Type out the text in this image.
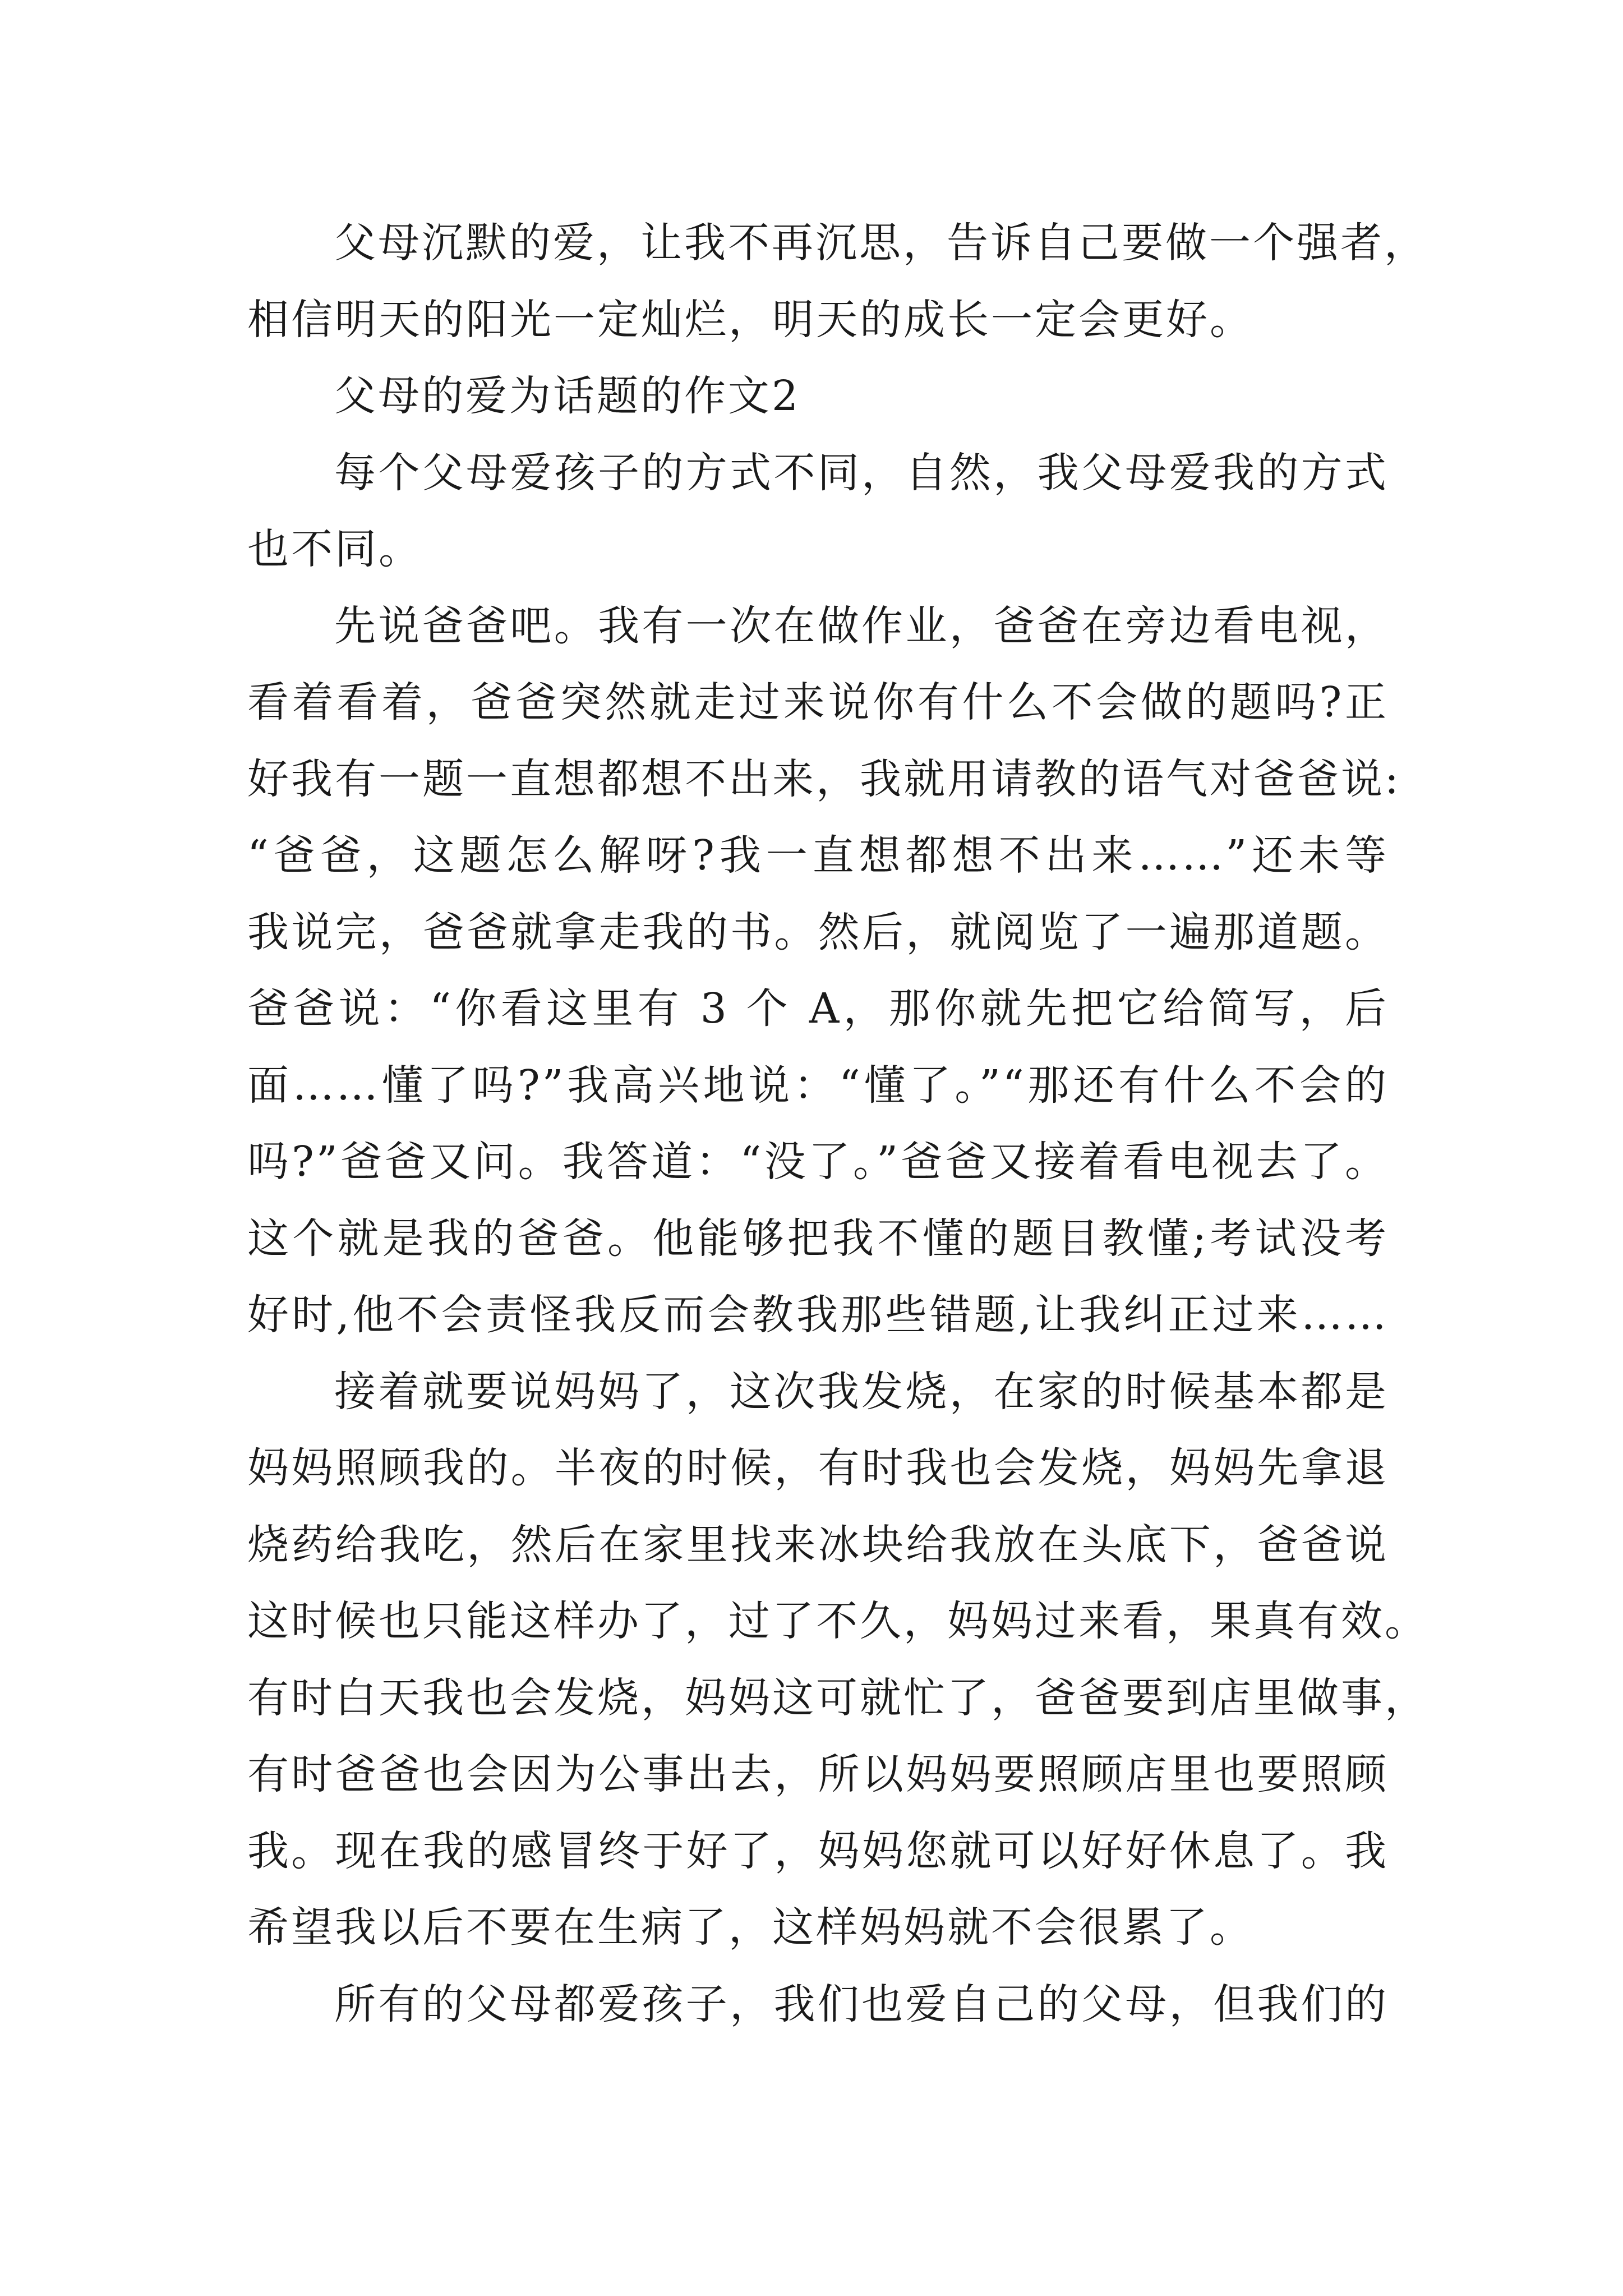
父母沉默的爱，让我不再沉思，告诉自己要做一个强者，
相信明天的阳光一定灿烂，明天的成长一定会更好。
父母的爱为话题的作文2
每个父母爱孩子的方式不同，自然，我父母爱我的方式
也不同。
先说爸爸吧。我有一次在做作业，爸爸在旁边看电视，
看着看着，爸爸突然就走过来说你有什么不会做的题吗?正
好我有一题一直想都想不出来，我就用请教的语气对爸爸说:
“爸爸，这题怎么解呀?我一直想都想不出来……”还未等
我说完，爸爸就拿走我的书。然后，就阅览了一遍那道题。
爸爸说：“你看这里有 3 个 A，那你就先把它给简写，后
面……懂了吗?”我高兴地说：“懂了。”“那还有什么不会的
吗?”爸爸又问。我答道：“没了。”爸爸又接着看电视去了。
这个就是我的爸爸。他能够把我不懂的题目教懂;考试没考
好时,他不会责怪我反而会教我那些错题,让我纠正过来……
接着就要说妈妈了，这次我发烧，在家的时候基本都是
妈妈照顾我的。半夜的时候，有时我也会发烧，妈妈先拿退
烧药给我吃，然后在家里找来冰块给我放在头底下，爸爸说
这时候也只能这样办了，过了不久，妈妈过来看，果真有效。
有时白天我也会发烧，妈妈这可就忙了，爸爸要到店里做事，
有时爸爸也会因为公事出去，所以妈妈要照顾店里也要照顾
我。现在我的感冒终于好了，妈妈您就可以好好休息了。我
希望我以后不要在生病了，这样妈妈就不会很累了。
所有的父母都爱孩子，我们也爱自己的父母，但我们的
